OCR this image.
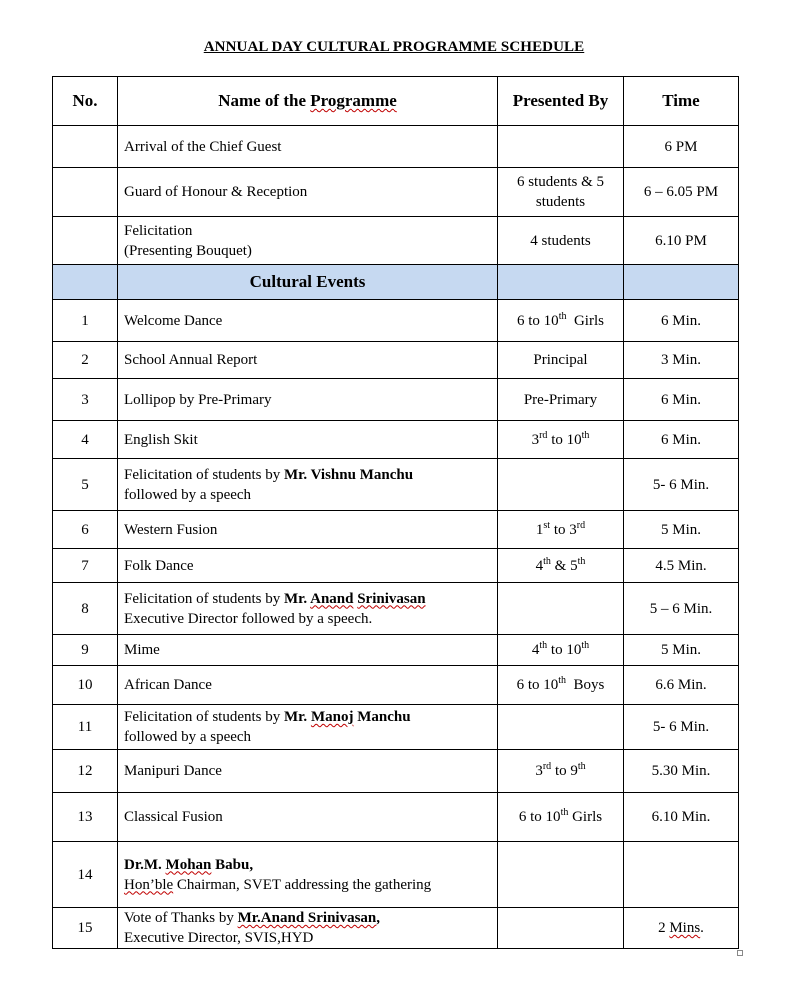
ANNUAL DAY CULTURAL PROGRAMME SCHEDULE
No.	Name of the Programme	Presented By	Time
	Arrival of the Chief Guest		6 PM
	Guard of Honour & Reception	6 students & 5
students	6 – 6.05 PM
	Felicitation
(Presenting Bouquet)	4 students	6.10 PM
	Cultural Events		
1	Welcome Dance	6 to 10th  Girls	6 Min.
2	School Annual Report	Principal	3 Min.
3	Lollipop by Pre-Primary	Pre-Primary	6 Min.
4	English Skit	3rd to 10th	6 Min.
5	Felicitation of students by Mr. Vishnu Manchu
followed by a speech		5- 6 Min.
6	Western Fusion	1st to 3rd	5 Min.
7	Folk Dance	4th & 5th	4.5 Min.
8	Felicitation of students by Mr. Anand Srinivasan
Executive Director followed by a speech.		5 – 6 Min.
9	Mime	4th to 10th	5 Min.
10	African Dance	6 to 10th  Boys	6.6 Min.
11	Felicitation of students by Mr. Manoj Manchu
followed by a speech		5- 6 Min.
12	Manipuri Dance	3rd to 9th	5.30 Min.
13	Classical Fusion	6 to 10th Girls	6.10 Min.
14	Dr.M. Mohan Babu,
Hon’ble Chairman, SVET addressing the gathering		
15	Vote of Thanks by Mr.Anand Srinivasan,
Executive Director, SVIS,HYD		2 Mins.
